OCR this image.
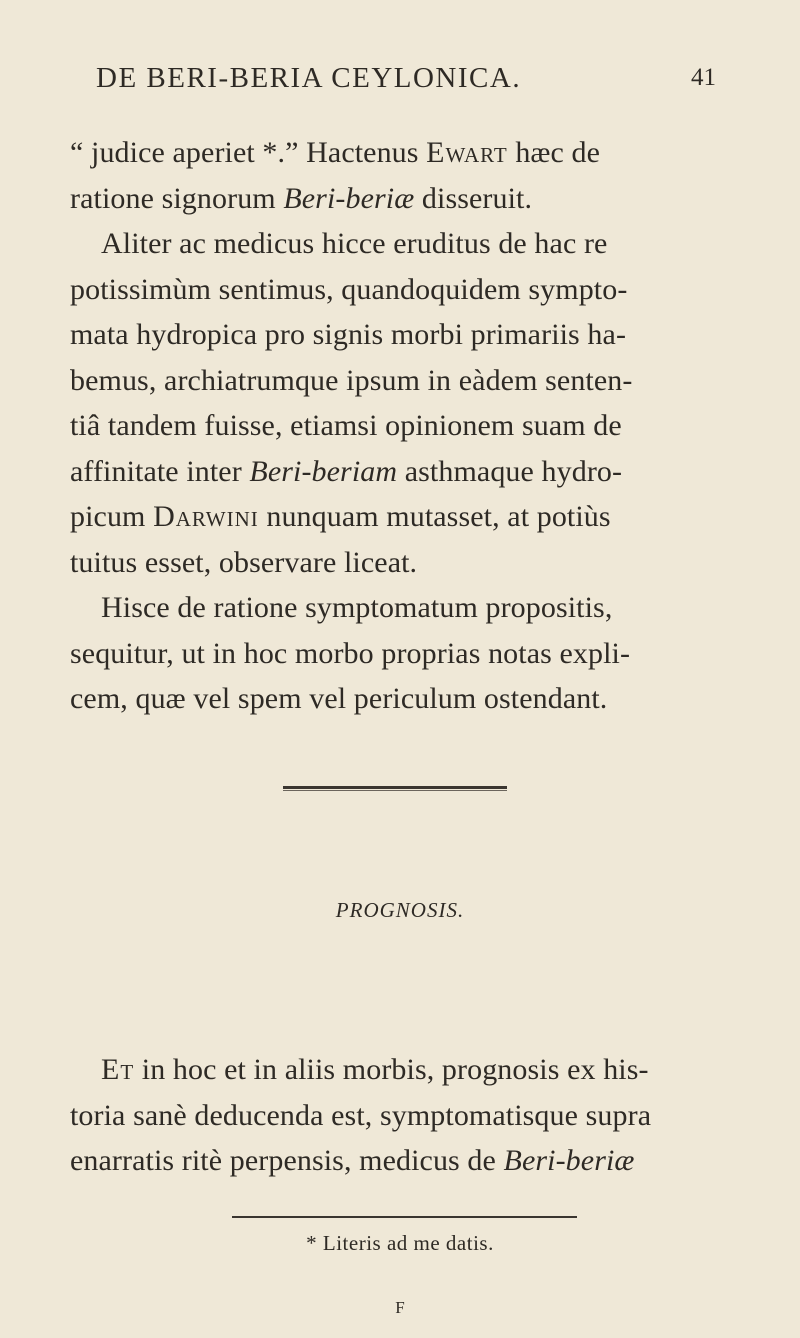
DE BERI-BERIA CEYLONICA.	41
“ judice aperiet *.” Hactenus Ewart hæc de
ratione signorum Beri-beriæ disseruit.
Aliter ac medicus hicce eruditus de hac re
potissimùm sentimus, quandoquidem sympto-
mata hydropica pro signis morbi primariis ha-
bemus, archiatrumque ipsum in eàdem senten-
tiâ tandem fuisse, etiamsi opinionem suam de
affinitate inter Beri-beriam asthmaque hydro-
picum Darwini nunquam mutasset, at potiùs
tuitus esset, observare liceat.
Hisce de ratione symptomatum propositis,
sequitur, ut in hoc morbo proprias notas expli-
cem, quæ vel spem vel periculum ostendant.
PROGNOSIS.
Et in hoc et in aliis morbis, prognosis ex his-
toria sanè deducenda est, symptomatisque supra
enarratis ritè perpensis, medicus de Beri-beriæ
* Literis ad me datis.
F
